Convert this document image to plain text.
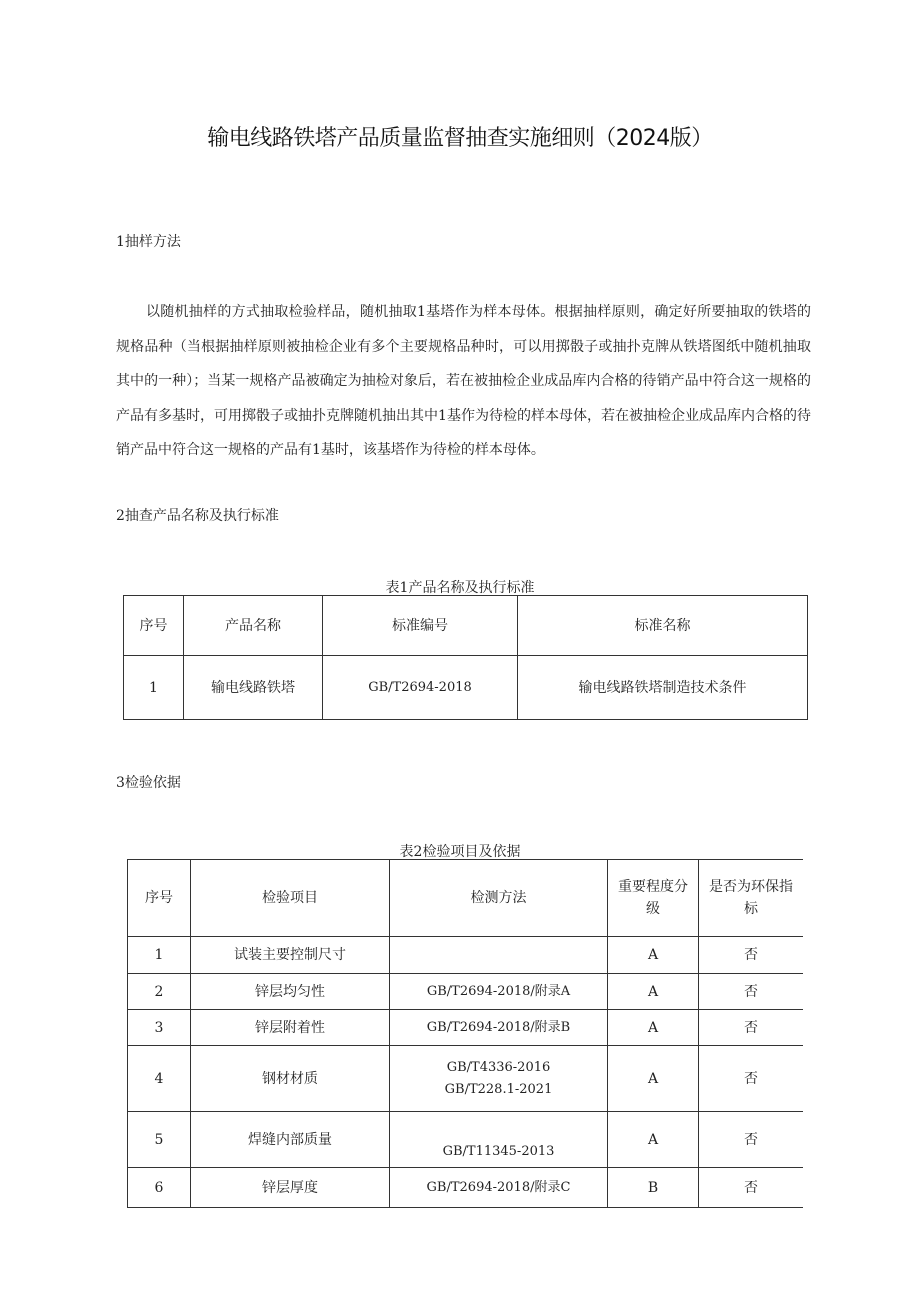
输电线路铁塔产品质量监督抽查实施细则（2024版）
1抽样方法

以随机抽样的方式抽取检验样品，随机抽取1基塔作为样本母体。根据抽样原则，确定好所要抽取的铁塔的规格品种（当根据抽样原则被抽检企业有多个主要规格品种时，可以用掷骰子或抽扑克牌从铁塔图纸中随机抽取其中的一种）；当某一规格产品被确定为抽检对象后，若在被抽检企业成品库内合格的待销产品中符合这一规格的产品有多基时，可用掷骰子或抽扑克牌随机抽出其中1基作为待检的样本母体，若在被抽检企业成品库内合格的待销产品中符合这一规格的产品有1基时，该基塔作为待检的样本母体。

2抽查产品名称及执行标准
表1产品名称及执行标准
序号	产品名称	标准编号	标准名称
1	输电线路铁塔	GB/T2694-2018	输电线路铁塔制造技术条件
3检验依据
表2检验项目及依据
序号	检验项目	检测方法	重要程度分级	是否为环保指标
1	试装主要控制尺寸		A	否
2	锌层均匀性	GB/T2694-2018/附录A	A	否
3	锌层附着性	GB/T2694-2018/附录B	A	否
4	钢材材质	GB/T4336-2016
GB/T228.1-2021	A	否
5	焊缝内部质量	GB/T11345-2013	A	否
6	锌层厚度	GB/T2694-2018/附录C	B	否
